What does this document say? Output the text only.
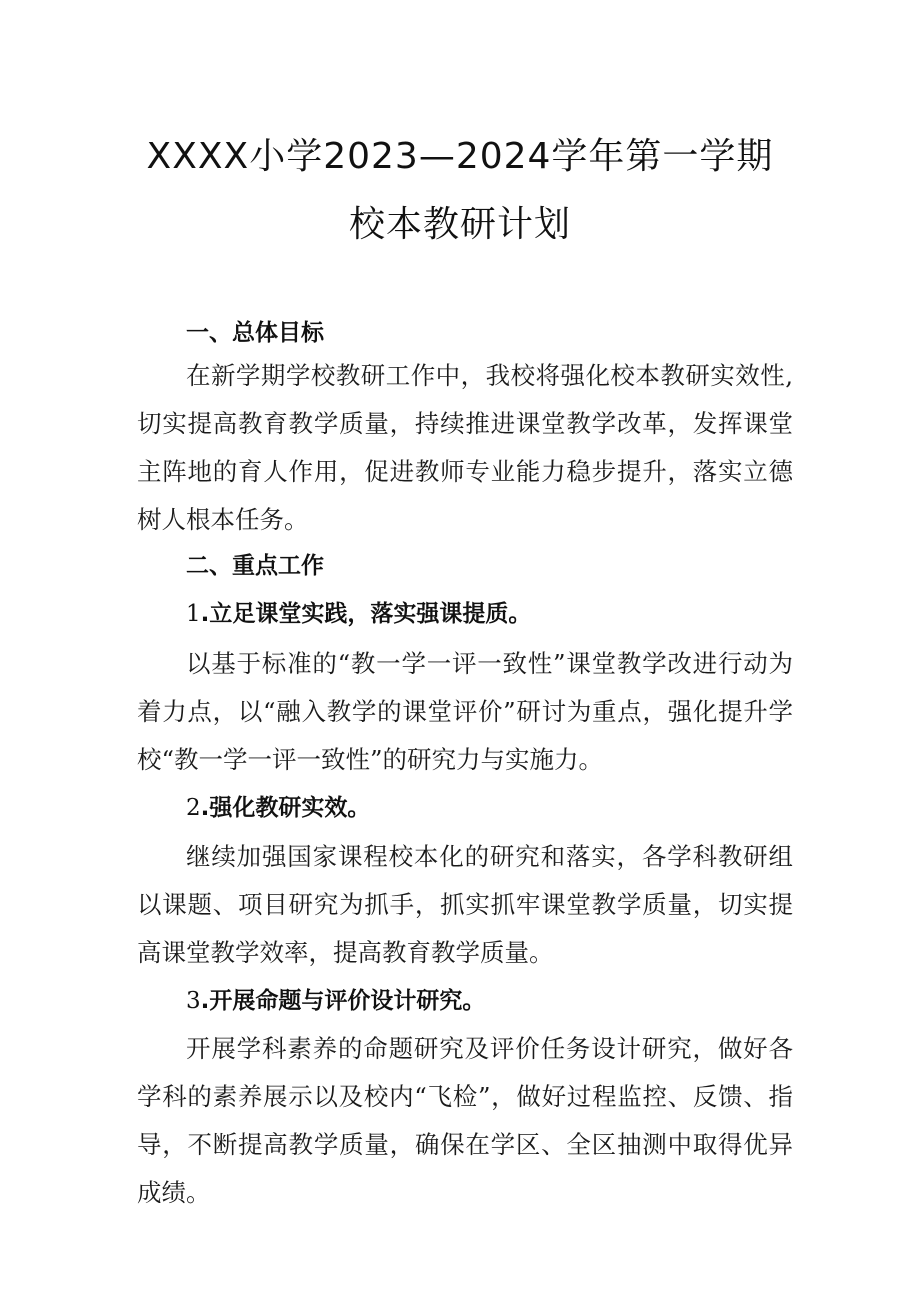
XXXX小学2023—2024学年第一学期
校本教研计划

一、总体目标

在新学期学校教研工作中，我校将强化校本教研实效性,切实提高教育教学质量，持续推进课堂教学改革，发挥课堂主阵地的育人作用，促进教师专业能力稳步提升，落实立德树人根本任务。

二、重点工作

1.立足课堂实践，落实强课提质。

以基于标准的“教一学一评一致性”课堂教学改进行动为着力点，以“融入教学的课堂评价”研讨为重点，强化提升学校“教一学一评一致性”的研究力与实施力。

2.强化教研实效。

继续加强国家课程校本化的研究和落实，各学科教研组以课题、项目研究为抓手，抓实抓牢课堂教学质量，切实提高课堂教学效率，提高教育教学质量。

3.开展命题与评价设计研究。

开展学科素养的命题研究及评价任务设计研究，做好各学科的素养展示以及校内“飞检”，做好过程监控、反馈、指导，不断提高教学质量，确保在学区、全区抽测中取得优异成绩。
